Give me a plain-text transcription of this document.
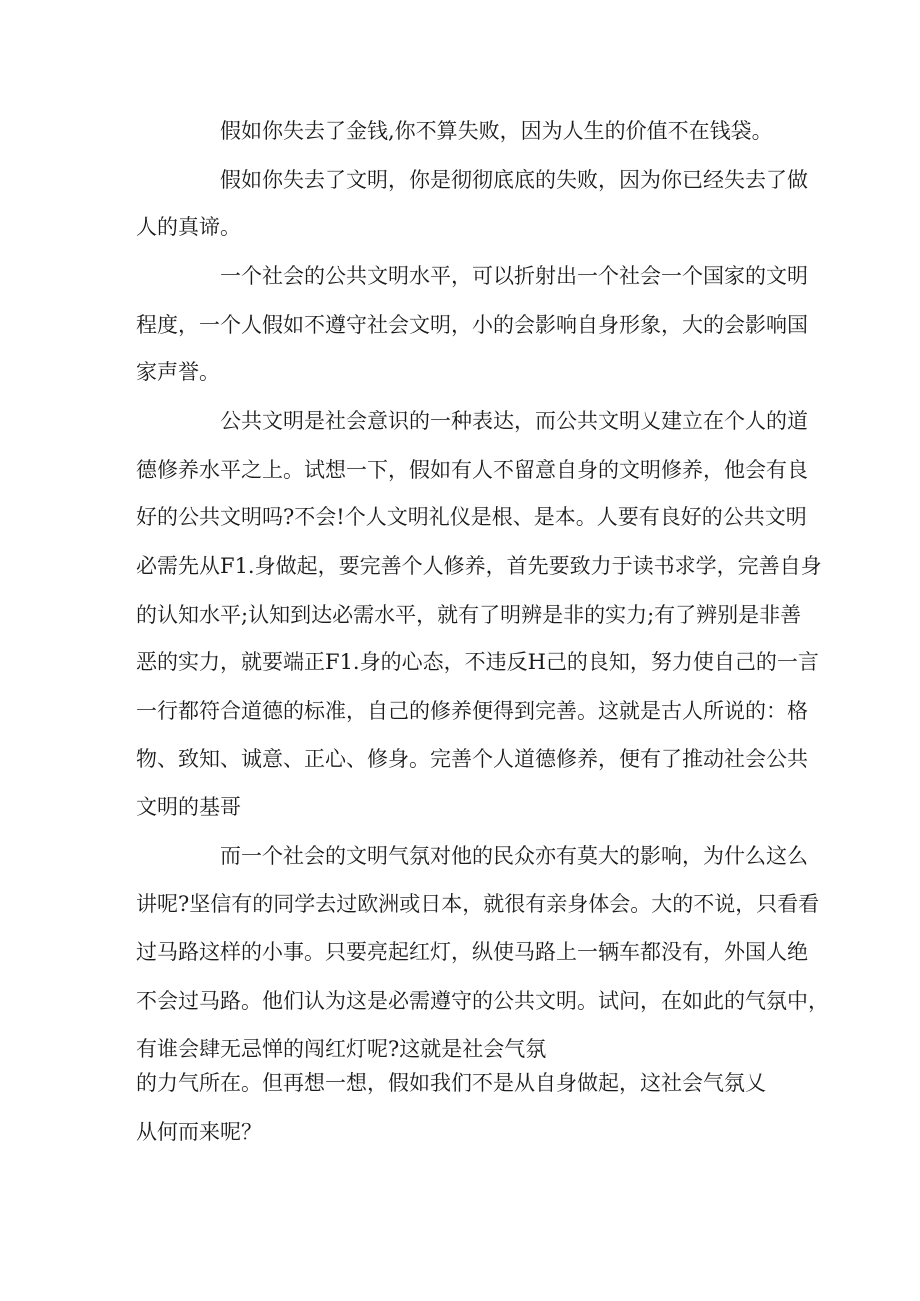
假如你失去了金钱,你不算失败，因为人生的价值不在钱袋。
假如你失去了文明，你是彻彻底底的失败，因为你已经失去了做
人的真谛。
一个社会的公共文明水平，可以折射出一个社会一个国家的文明
程度，一个人假如不遵守社会文明，小的会影响自身形象，大的会影响国
家声誉。
公共文明是社会意识的一种表达，而公共文明乂建立在个人的道
德修养水平之上。试想一下，假如有人不留意自身的文明修养，他会有良
好的公共文明吗?不会!个人文明礼仪是根、是本。人要有良好的公共文明
必需先从F1.身做起，要完善个人修养，首先要致力于读书求学，完善自身
的认知水平;认知到达必需水平，就有了明辨是非的实力;有了辨别是非善
恶的实力，就要端正F1.身的心态，不违反H己的良知，努力使自己的一言
一行都符合道德的标准，自己的修养便得到完善。这就是古人所说的：格
物、致知、诚意、正心、修身。完善个人道德修养，便有了推动社会公共
文明的基哥
而一个社会的文明气氛对他的民众亦有莫大的影响，为什么这么
讲呢?坚信有的同学去过欧洲或日本，就很有亲身体会。大的不说，只看看
过马路这样的小事。只要亮起红灯，纵使马路上一辆车都没有，外国人绝
不会过马路。他们认为这是必需遵守的公共文明。试问，在如此的气氛中，
有谁会肆无忌惮的闯红灯呢?这就是社会气氛
的力气所在。但再想一想，假如我们不是从自身做起，这社会气氛乂
从何而来呢？
